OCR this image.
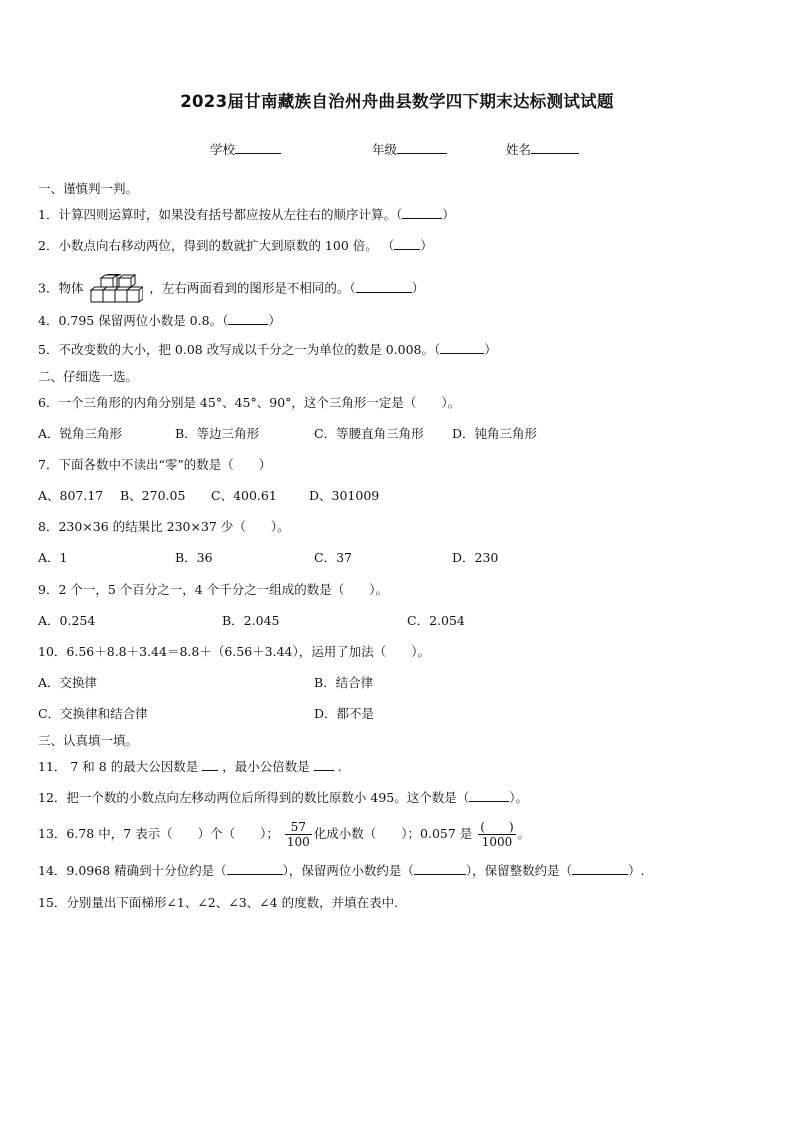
2023届甘南藏族自治州舟曲县数学四下期末达标测试试题
学校	年级	姓名
一、谨慎判一判。
1．计算四则运算时，如果没有括号都应按从左往右的顺序计算。（	）
2．小数点向右移动两位，得到的数就扩大到原数的 100 倍。 （ ）
3．物体	，左右两面看到的图形是不相同的。（	）
4．0.795 保留两位小数是 0.8。（	）
5．不改变数的大小，把 0.08 改写成以千分之一为单位的数是 0.008。（	）
二、仔细选一选。
6．一个三角形的内角分别是 45°、45°、90°，这个三角形一定是（　　）。
A．锐角三角形	B．等边三角形	C．等腰直角三角形 D．钝角三角形
7．下面各数中不读出“零”的数是（　　）
A、807.17 B、270.05 C、400.61	D、301009
8．230×36 的结果比 230×37 少（　　）。
A．1	B．36	C．37	D．230
9．2 个一，5 个百分之一，4 个千分之一组成的数是（　　）。
A．0.254	B．2.045	C．2.054
10．6.56＋8.8＋3.44＝8.8＋（6.56＋3.44），运用了加法（　　）。
A．交换律	B．结合律
C．交换律和结合律	D．都不是
三、认真填一填。
11． 7 和 8 的最大公因数是 ，最小公倍数是 .
12．把一个数的小数点向左移动两位后所得到的数比原数小 495。这个数是（	）。
13．6.78 中，7 表示（　　）个（　　）； $\frac{57}{100}$ 化成小数（　　）；0.057 是 $\frac{( )}{1000}$ 。
14．9.0968 精确到十分位约是（	），保留两位小数约是（	），保留整数约是（	）.
15．分别量出下面梯形∠1、∠2、∠3、∠4 的度数，并填在表中.
